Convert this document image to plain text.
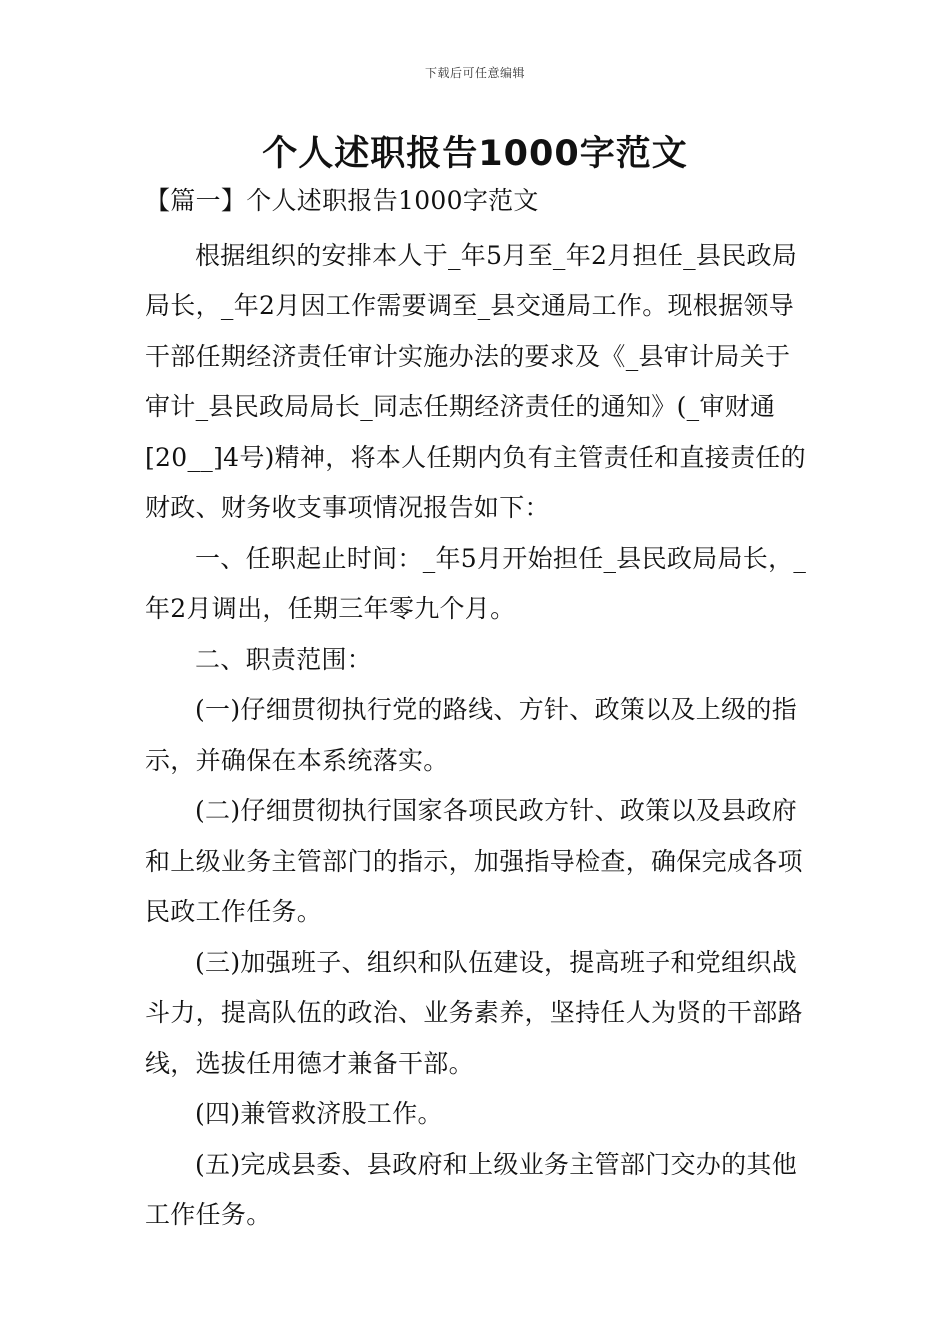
下载后可任意编辑
个人述职报告1000字范文

【篇一】个人述职报告1000字范文

根据组织的安排本人于_年5月至_年2月担任_县民政局局长，_年2月因工作需要调至_县交通局工作。现根据领导干部任期经济责任审计实施办法的要求及《_县审计局关于审计_县民政局局长_同志任期经济责任的通知》(_审财通[20__]4号)精神，将本人任期内负有主管责任和直接责任的财政、财务收支事项情况报告如下：

一、任职起止时间：_年5月开始担任_县民政局局长，_年2月调出，任期三年零九个月。

二、职责范围：

(一)仔细贯彻执行党的路线、方针、政策以及上级的指示，并确保在本系统落实。

(二)仔细贯彻执行国家各项民政方针、政策以及县政府和上级业务主管部门的指示，加强指导检查，确保完成各项民政工作任务。

(三)加强班子、组织和队伍建设，提高班子和党组织战斗力，提高队伍的政治、业务素养，坚持任人为贤的干部路线，选拔任用德才兼备干部。

(四)兼管救济股工作。

(五)完成县委、县政府和上级业务主管部门交办的其他工作任务。
